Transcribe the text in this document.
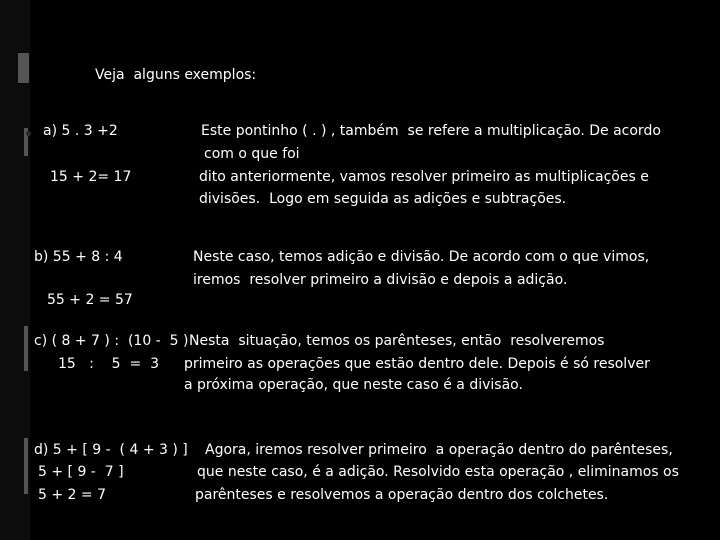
Veja  alguns exemplos:
a) 5 . 3 +2
15 + 2= 17
Este pontinho ( . ) , também  se refere a multiplicação. De acordo
com o que foi
dito anteriormente, vamos resolver primeiro as multiplicações e
divisões.  Logo em seguida as adições e subtrações.
b) 55 + 8 : 4
55 + 2 = 57
Neste caso, temos adição e divisão. De acordo com o que vimos,
iremos  resolver primeiro a divisão e depois a adição.
c) ( 8 + 7 ) :  (10 -  5 )
15   :    5  =  3
Nesta  situação, temos os parênteses, então  resolveremos
primeiro as operações que estão dentro dele. Depois é só resolver
a próxima operação, que neste caso é a divisão.
d) 5 + [ 9 -  ( 4 + 3 ) ]
5 + [ 9 -  7 ]
5 + 2 = 7
Agora, iremos resolver primeiro  a operação dentro do parênteses,
que neste caso, é a adição. Resolvido esta operação , eliminamos os
parênteses e resolvemos a operação dentro dos colchetes.
